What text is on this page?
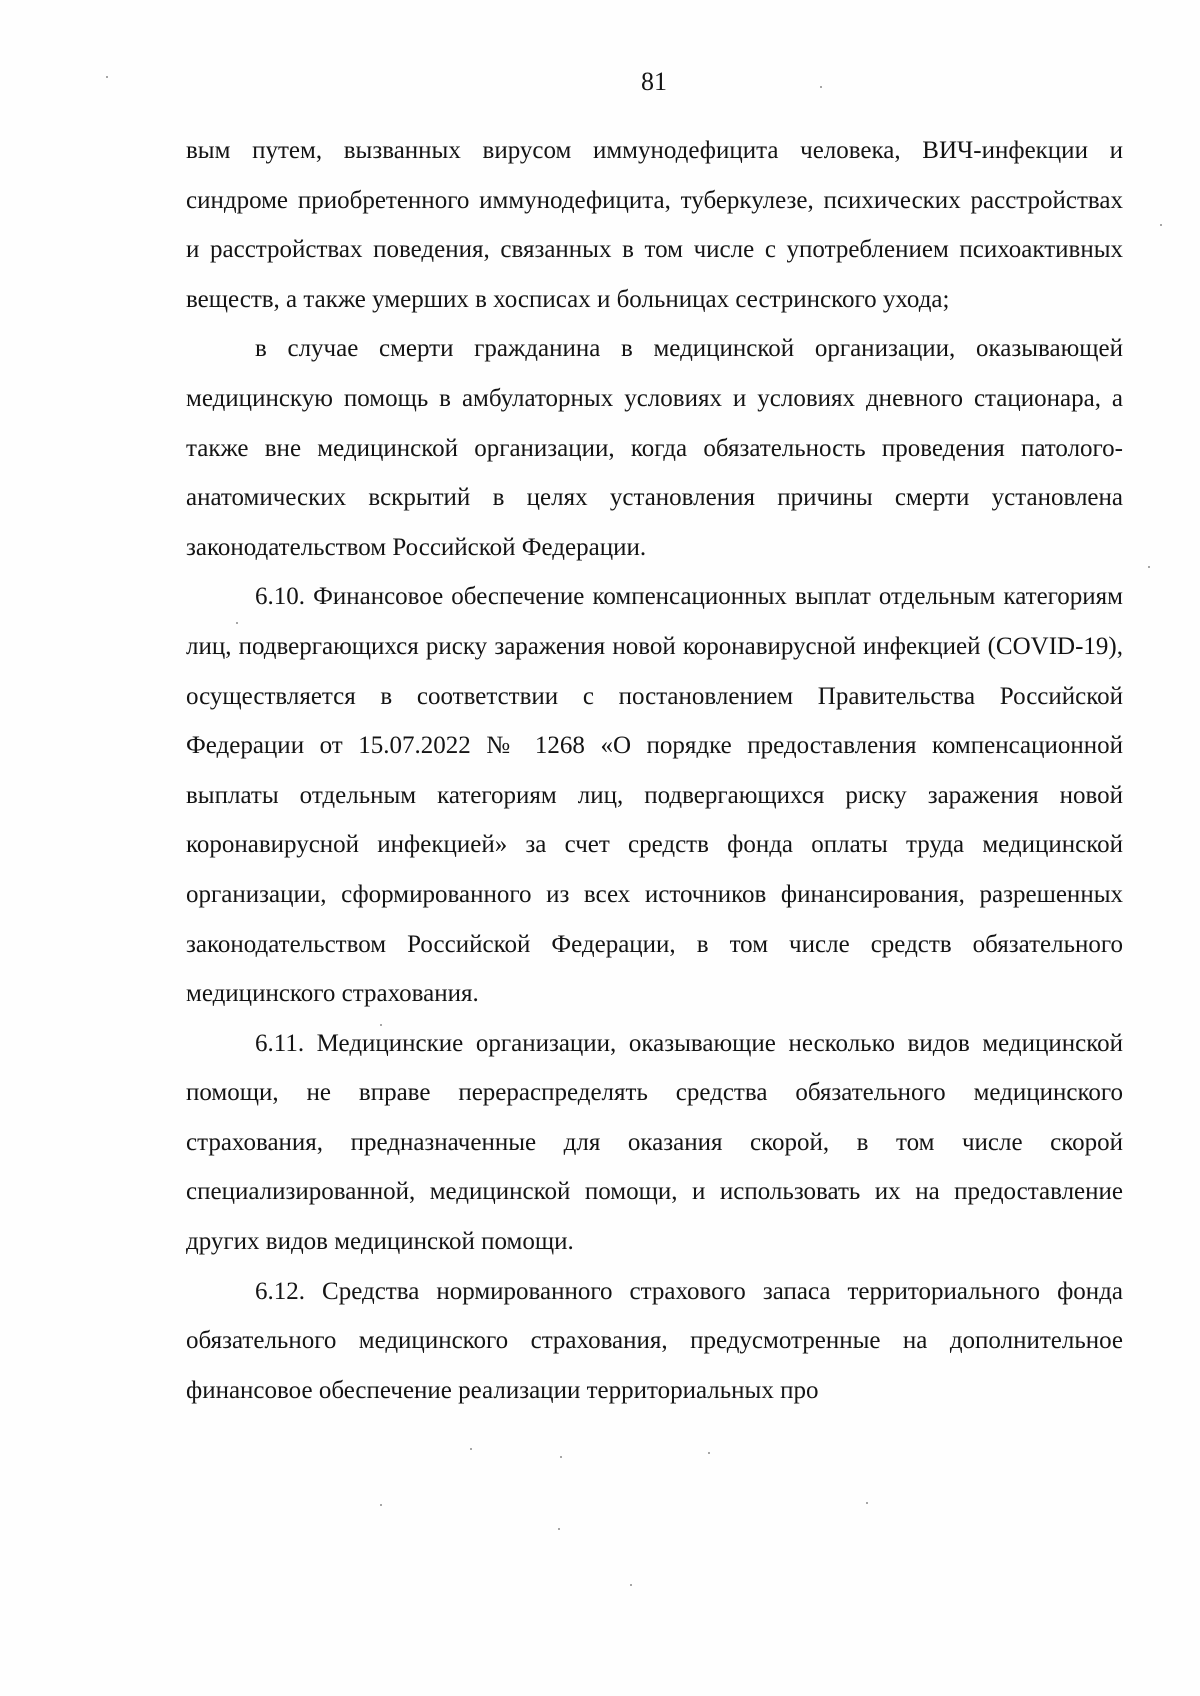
81

вым путем, вызванных вирусом иммунодефицита человека, ВИЧ-инфекции и синдроме приобретенного иммунодефицита, туберкулезе, психических расстройствах и расстройствах поведения, связанных в том числе с употреблением психоактивных веществ, а также умерших в хосписах и больницах сестринского ухода;

в случае смерти гражданина в медицинской организации, оказывающей медицинскую помощь в амбулаторных условиях и условиях дневного стационара, а также вне медицинской организации, когда обязательность проведения патолого-анатомических вскрытий в целях установления причины смерти установлена законодательством Российской Федерации.

6.10. Финансовое обеспечение компенсационных выплат отдельным категориям лиц, подвергающихся риску заражения новой коронавирусной инфекцией (COVID-19), осуществляется в соответствии с постановлением Правительства Российской Федерации от 15.07.2022 № 1268 «О порядке предоставления компенсационной выплаты отдельным категориям лиц, подвергающихся риску заражения новой коронавирусной инфекцией» за счет средств фонда оплаты труда медицинской организации, сформированного из всех источников финансирования, разрешенных законодательством Российской Федерации, в том числе средств обязательного медицинского страхования.

6.11. Медицинские организации, оказывающие несколько видов медицинской помощи, не вправе перераспределять средства обязательного медицинского страхования, предназначенные для оказания скорой, в том числе скорой специализированной, медицинской помощи, и использовать их на предоставление других видов медицинской помощи.

6.12. Средства нормированного страхового запаса территориального фонда обязательного медицинского страхования, предусмотренные на дополнительное финансовое обеспечение реализации территориальных про
